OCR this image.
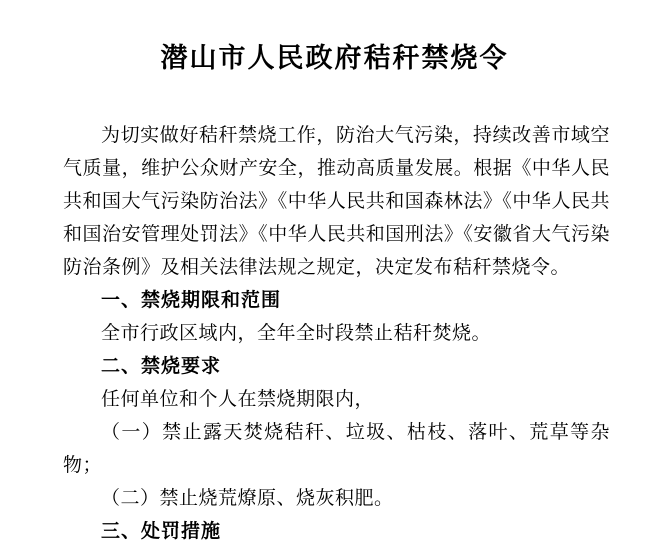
潜山市人民政府秸秆禁烧令

为切实做好秸秆禁烧工作，防治大气污染，持续改善市域空气质量，维护公众财产安全，推动高质量发展。根据《中华人民共和国大气污染防治法》《中华人民共和国森林法》《中华人民共和国治安管理处罚法》《中华人民共和国刑法》《安徽省大气污染防治条例》及相关法律法规之规定，决定发布秸秆禁烧令。

一、禁烧期限和范围

全市行政区域内，全年全时段禁止秸秆焚烧。

二、禁烧要求

任何单位和个人在禁烧期限内，

（一）禁止露天焚烧秸秆、垃圾、枯枝、落叶、荒草等杂物；

（二）禁止烧荒燎原、烧灰积肥。

三、处罚措施
